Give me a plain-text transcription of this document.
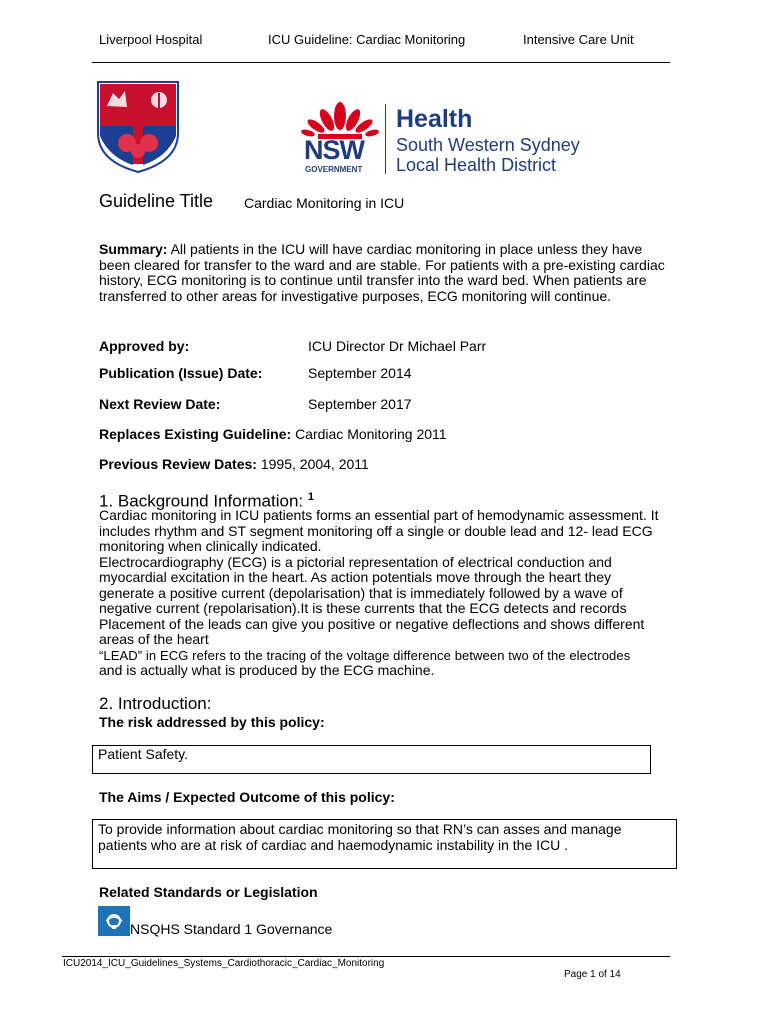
Liverpool Hospital	ICU Guideline: Cardiac Monitoring	Intensive Care Unit
NSW
GOVERNMENT
Health
South Western Sydney
Local Health District
Guideline Title Cardiac Monitoring in ICU
Summary: All patients in the ICU will have cardiac monitoring in place unless they have been cleared for transfer to the ward and are stable. For patients with a pre-existing cardiac history, ECG monitoring is to continue until transfer into the ward bed. When patients are transferred to other areas for investigative purposes, ECG monitoring will continue.
Approved by:	ICU Director Dr Michael Parr
Publication (Issue) Date:	September 2014
Next Review Date:	September 2017
Replaces Existing Guideline: Cardiac Monitoring 2011
Previous Review Dates: 1995, 2004, 2011
1. Background Information: $^1$
Cardiac monitoring in ICU patients forms an essential part of hemodynamic assessment. It
includes rhythm and ST segment monitoring off a single or double lead and 12- lead ECG
monitoring when clinically indicated.
Electrocardiography (ECG) is a pictorial representation of electrical conduction and
myocardial excitation in the heart. As action potentials move through the heart they
generate a positive current (depolarisation) that is immediately followed by a wave of
negative current (repolarisation).It is these currents that the ECG detects and records
Placement of the leads can give you positive or negative deflections and shows different
areas of the heart
“LEAD” in ECG refers to the tracing of the voltage difference between two of the electrodes
and is actually what is produced by the ECG machine.
2. Introduction:
The risk addressed by this policy:
Patient Safety.
The Aims / Expected Outcome of this policy:
To provide information about cardiac monitoring so that RN’s can asses and manage
patients who are at risk of cardiac and haemodynamic instability in the ICU .
Related Standards or Legislation
NSQHS Standard 1 Governance
ICU2014_ICU_Guidelines_Systems_Cardiothoracic_Cardiac_Monitoring
Page 1 of 14
